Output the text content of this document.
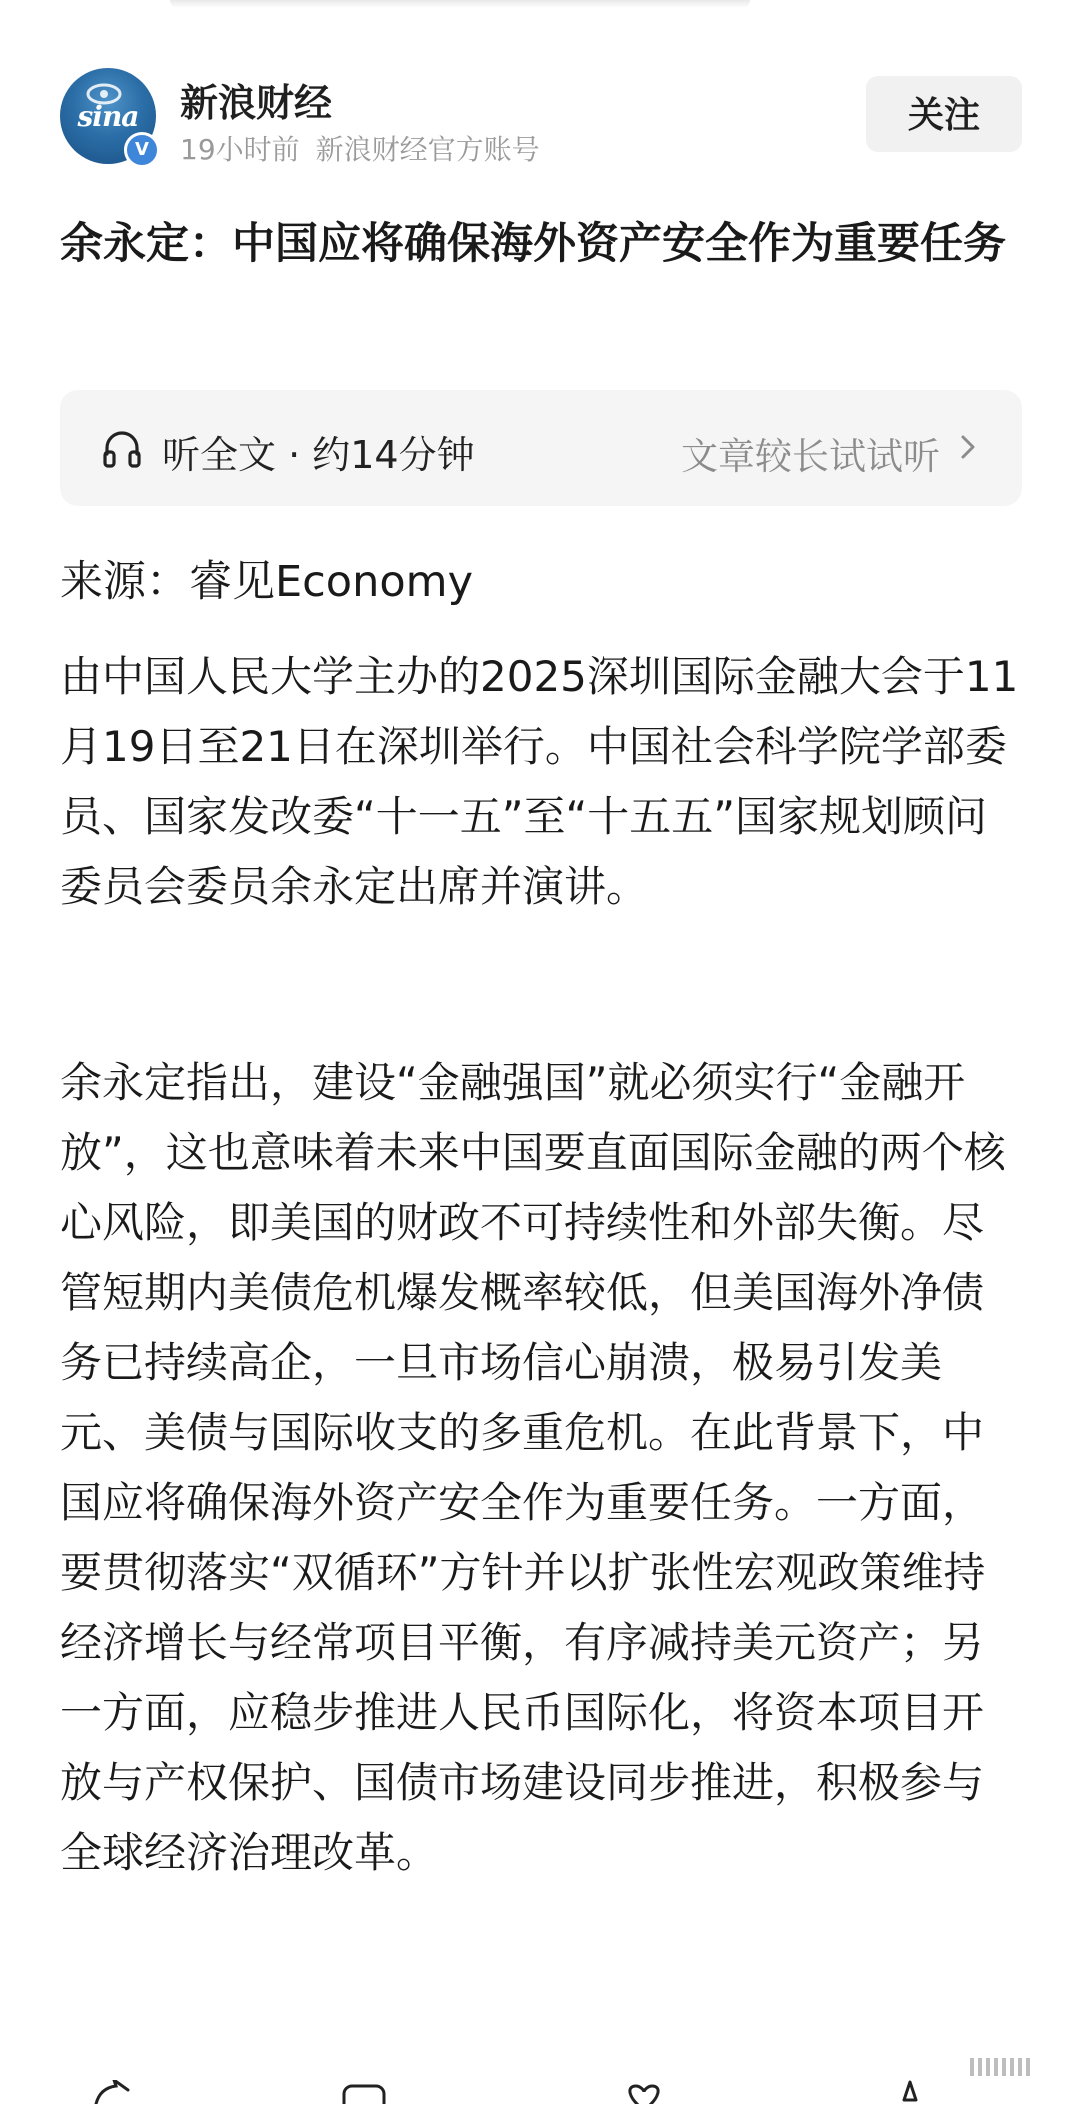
sina
V
新浪财经
19小时前 新浪财经官方账号
关注
余永定：中国应将确保海外资产安全作为重要任务
听全文 · 约14分钟	文章较长试试听

来源：睿见Economy

由中国人民大学主办的2025深圳国际金融大会于11月19日至21日在深圳举行。中国社会科学院学部委员、国家发改委“十一五”至“十五五”国家规划顾问委员会委员余永定出席并演讲。

余永定指出，建设“金融强国”就必须实行“金融开放”，这也意味着未来中国要直面国际金融的两个核心风险，即美国的财政不可持续性和外部失衡。尽管短期内美债危机爆发概率较低，但美国海外净债务已持续高企，一旦市场信心崩溃，极易引发美元、美债与国际收支的多重危机。在此背景下，中国应将确保海外资产安全作为重要任务。一方面，要贯彻落实“双循环”方针并以扩张性宏观政策维持经济增长与经常项目平衡，有序减持美元资产；另一方面，应稳步推进人民币国际化，将资本项目开放与产权保护、国债市场建设同步推进，积极参与全球经济治理改革。
